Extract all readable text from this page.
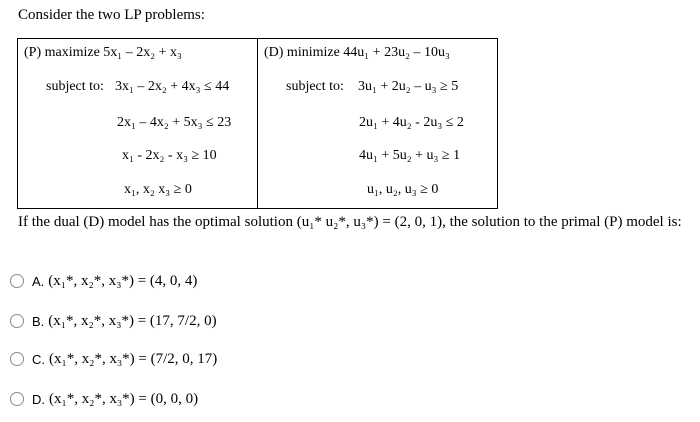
Consider the two LP problems:
(P) maximize 5x₁ – 2x₂ + x₃
subject to: 3x₁ – 2x₂ + 4x₃ ≤ 44
2x₁ – 4x₂ + 5x₃ ≤ 23
x₁ - 2x₂ - x₃ ≥ 10
x₁, x₂ x₃ ≥ 0
(D) minimize 44u₁ + 23u₂ – 10u₃
subject to: 3u₁ + 2u₂ – u₃ ≥ 5
2u₁ + 4u₂ - 2u₃ ≤ 2
4u₁ + 5u₂ + u₃ ≥ 1
u₁, u₂, u₃ ≥ 0
If the dual (D) model has the optimal solution (u₁* u₂*, u₃*) = (2, 0, 1), the solution to the primal (P) model is:
A. (x₁*, x₂*, x₃*) = (4, 0, 4)
B. (x₁*, x₂*, x₃*) = (17, 7/2, 0)
C. (x₁*, x₂*, x₃*) = (7/2, 0, 17)
D. (x₁*, x₂*, x₃*) = (0, 0, 0)
